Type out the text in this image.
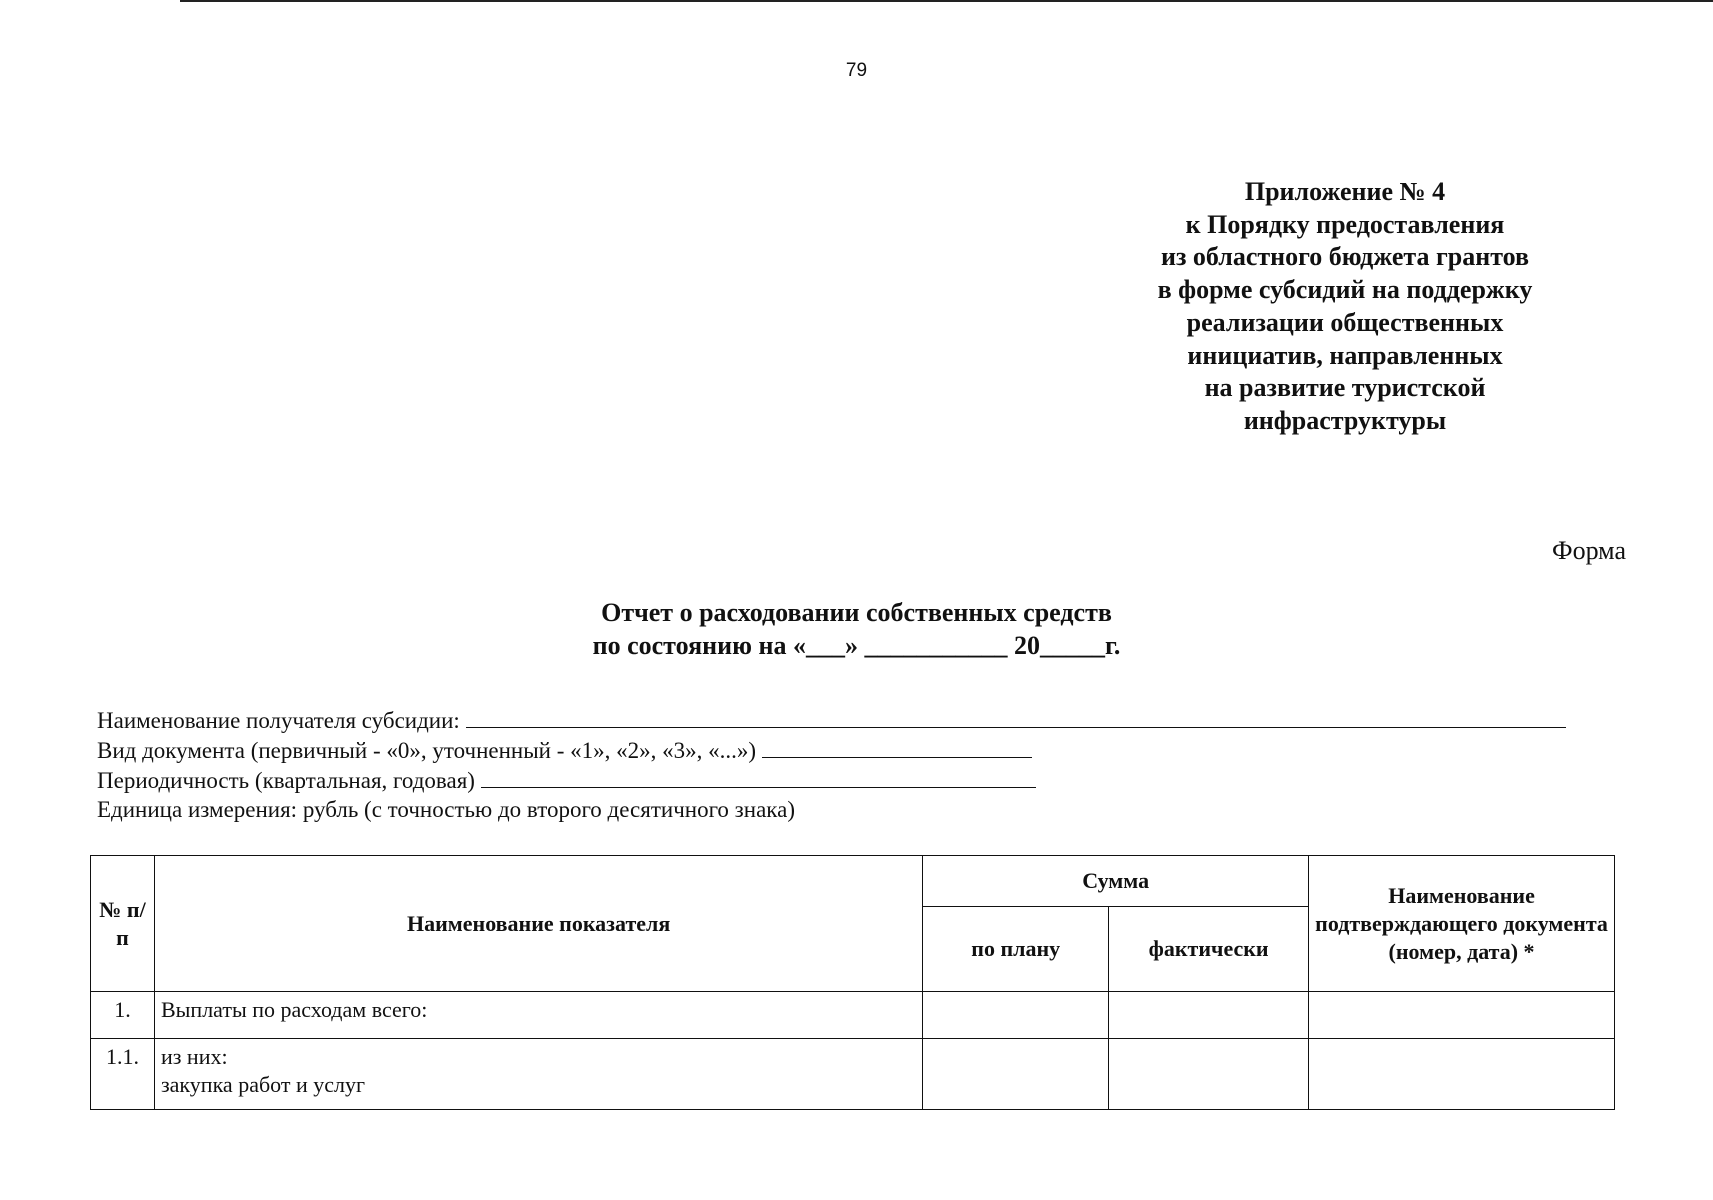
79
Приложение № 4
к Порядку предоставления
из областного бюджета грантов
в форме субсидий на поддержку
реализации общественных
инициатив, направленных
на развитие туристской
инфраструктуры
Форма
Отчет о расходовании собственных средств
по состоянию на «___» ___________ 20_____г.
Наименование получателя субсидии:
Вид документа (первичный - «0», уточненный - «1», «2», «3», «...»)
Периодичность (квартальная, годовая)
Единица измерения: рубль (с точностью до второго десятичного знака)
№ п/п	Наименование показателя	Сумма		Наименование подтверждающего документа (номер, дата) *
		по плану	фактически	
1.	Выплаты по расходам всего:			
1.1.	из них:
закупка работ и услуг			
